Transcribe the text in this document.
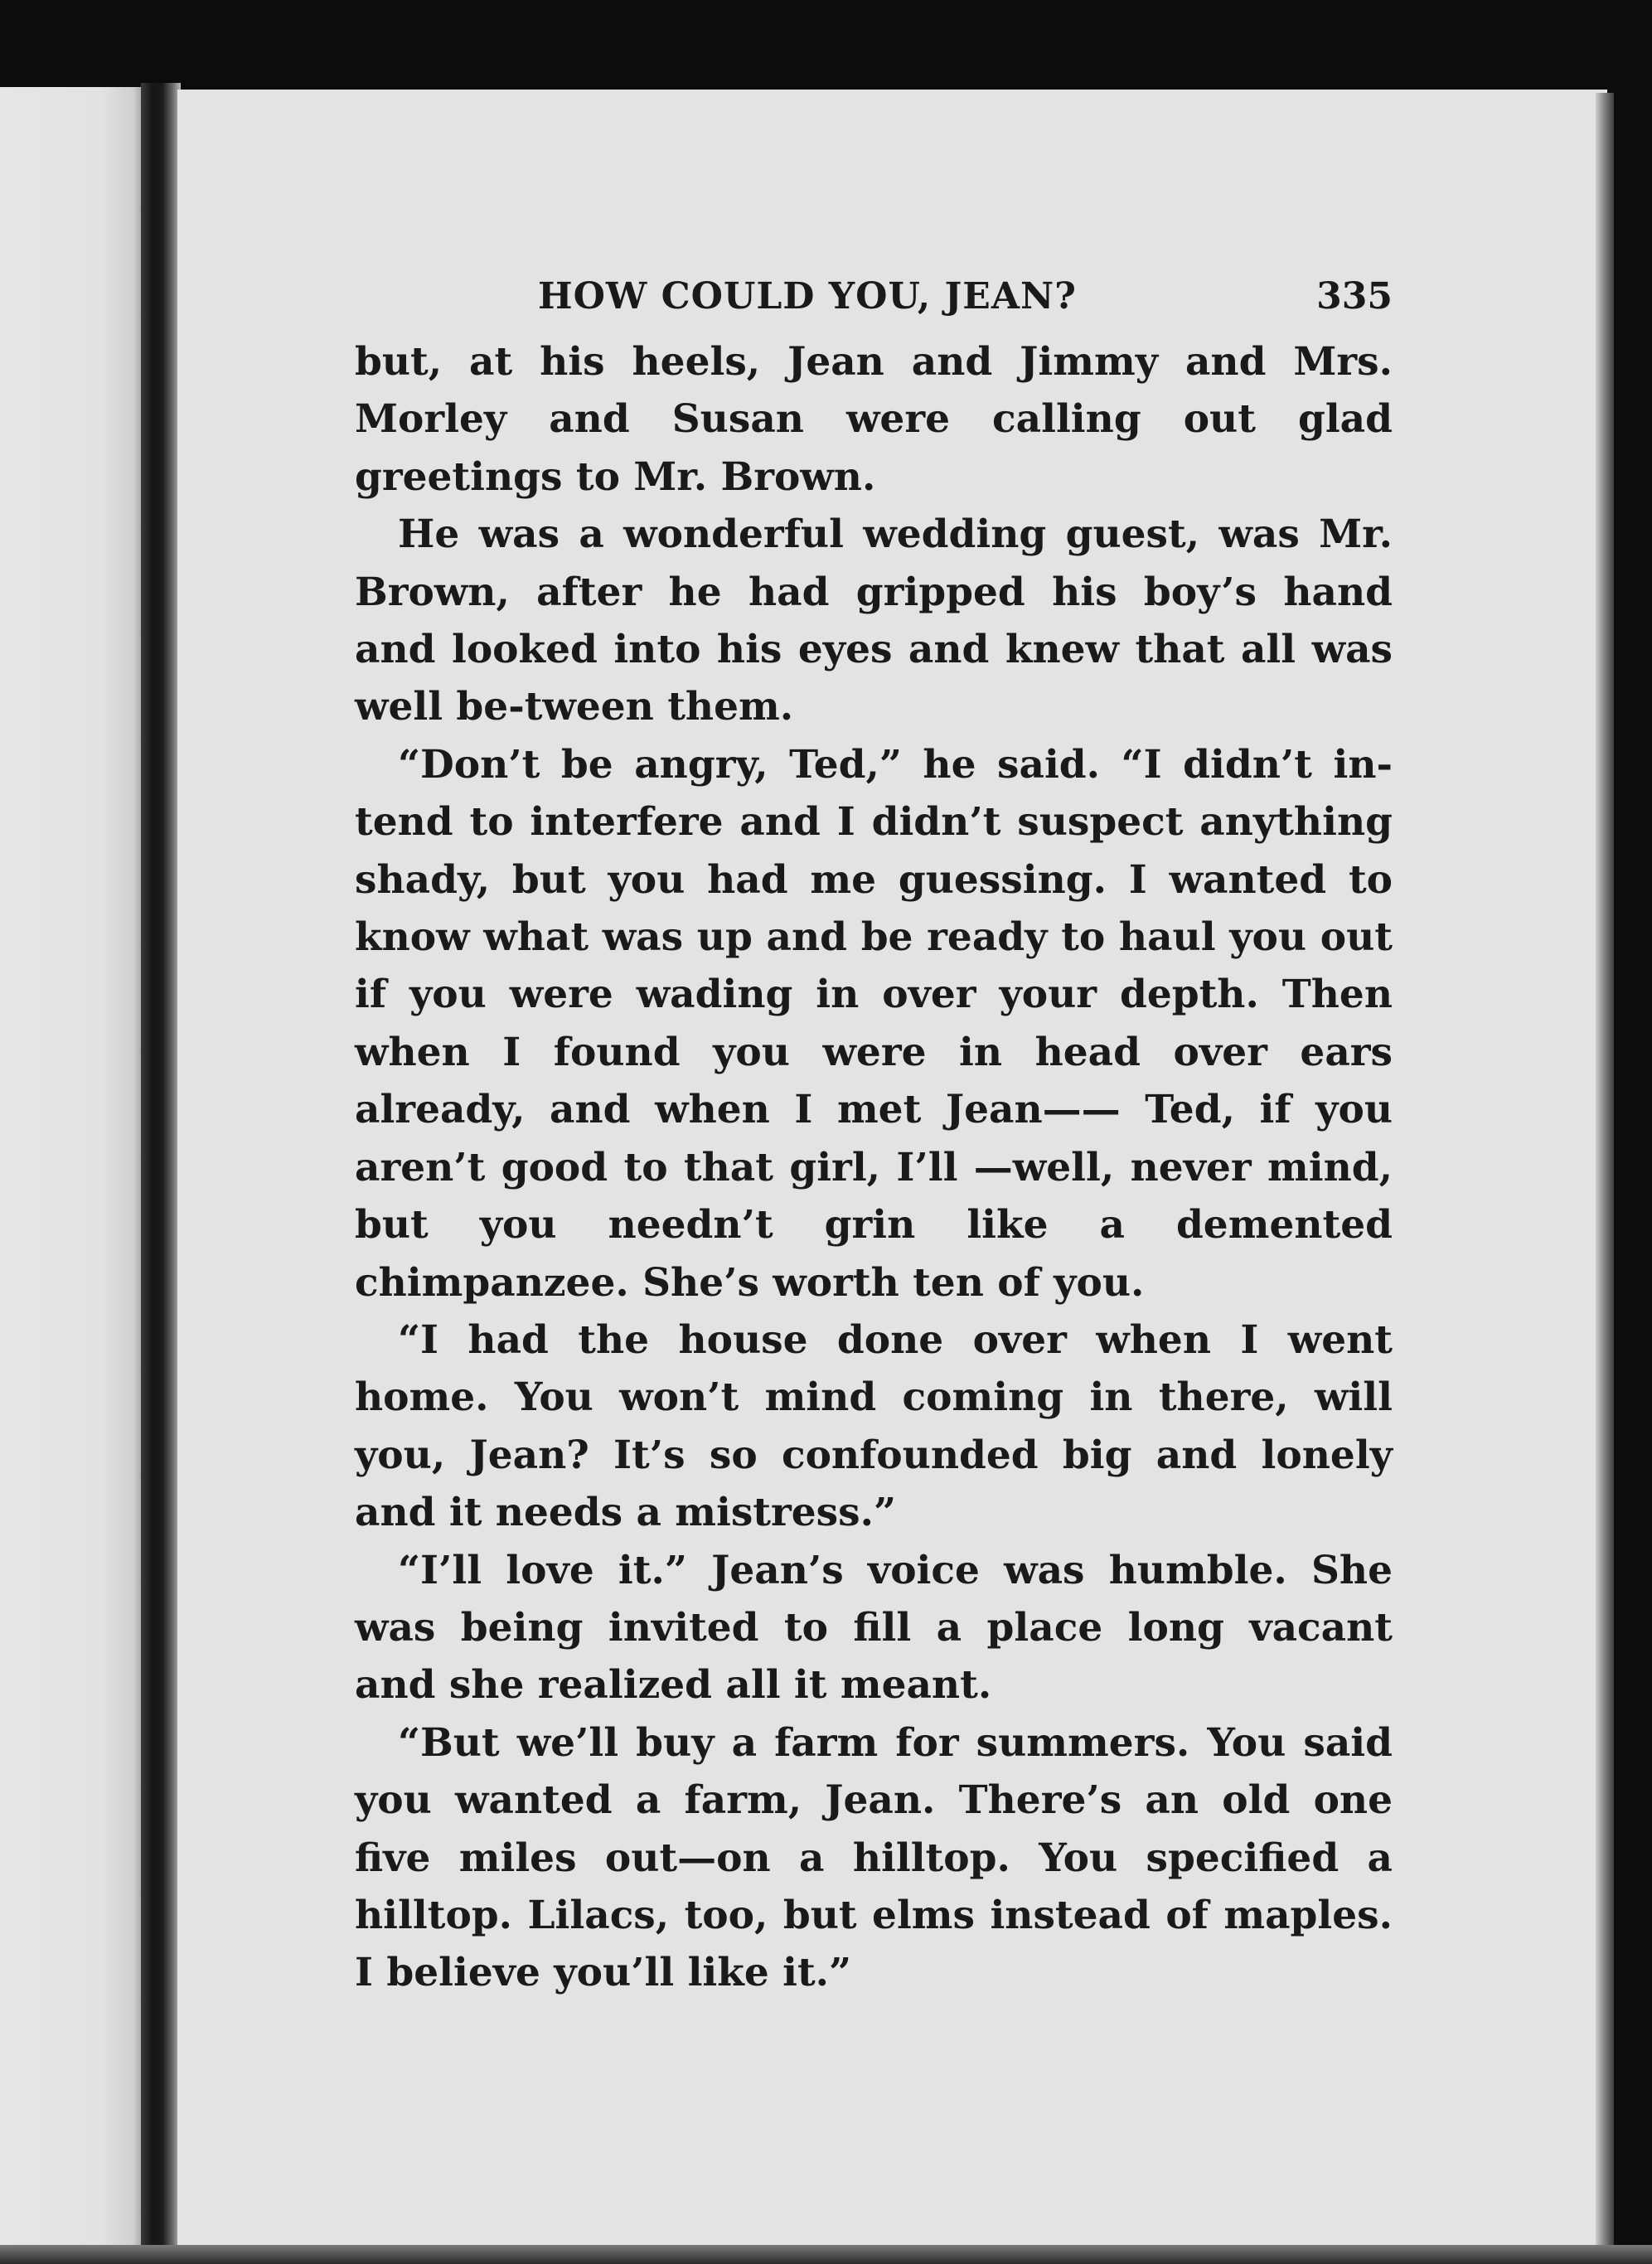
HOW COULD YOU, JEAN?	335

but, at his heels, Jean and Jimmy and Mrs. Morley and Susan were calling out glad greetings to Mr. Brown.

He was a wonderful wedding guest, was Mr. Brown, after he had gripped his boy’s hand and looked into his eyes and knew that all was well be-tween them.

“Don’t be angry, Ted,” he said. “I didn’t in-tend to interfere and I didn’t suspect anything shady, but you had me guessing. I wanted to know what was up and be ready to haul you out if you were wading in over your depth. Then when I found you were in head over ears already, and when I met Jean—— Ted, if you aren’t good to that girl, I’ll —well, never mind, but you needn’t grin like a demented chimpanzee. She’s worth ten of you.

“I had the house done over when I went home. You won’t mind coming in there, will you, Jean? It’s so confounded big and lonely and it needs a mistress.”

“I’ll love it.” Jean’s voice was humble. She was being invited to fill a place long vacant and she realized all it meant.

“But we’ll buy a farm for summers. You said you wanted a farm, Jean. There’s an old one five miles out—on a hilltop. You specified a hilltop. Lilacs, too, but elms instead of maples. I believe you’ll like it.”
